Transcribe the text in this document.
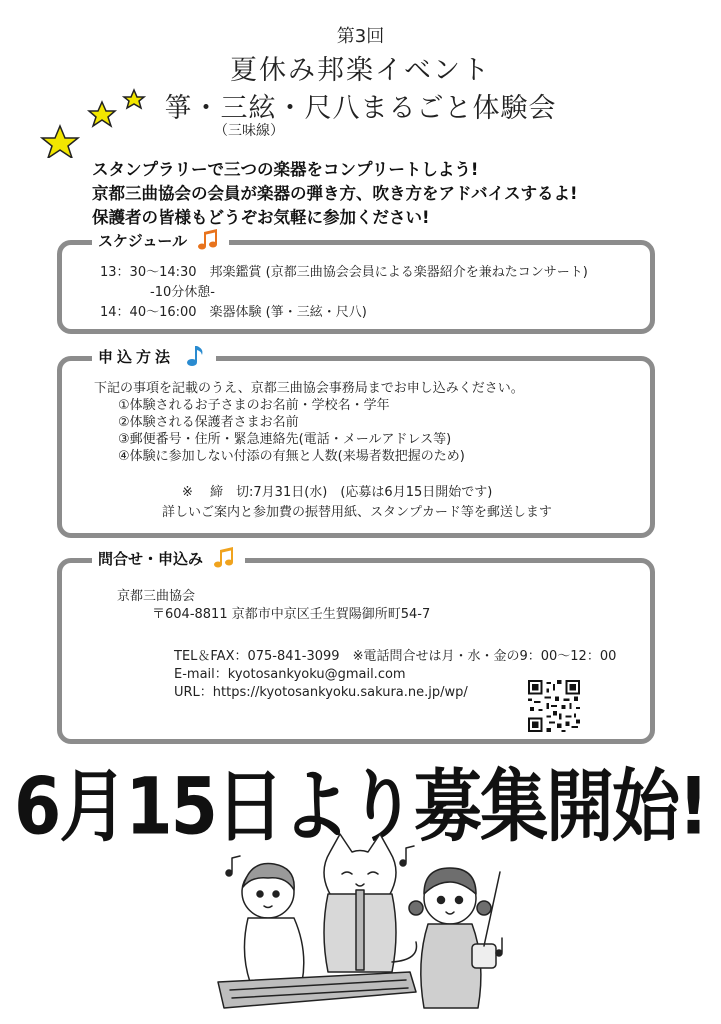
第3回
夏休み邦楽イベント
箏・三絃・尺八まるごと体験会
（三味線）
スタンプラリーで三つの楽器をコンプリートしよう!
京都三曲協会の会員が楽器の弾き方、吹き方をアドバイスするよ!
保護者の皆様もどうぞお気軽に参加ください!
スケジュール
13：30～14:30　邦楽鑑賞 (京都三曲協会会員による楽器紹介を兼ねたコンサート)
-10分休憩-
14：40～16:00　楽器体験 (箏・三絃・尺八)
申込方法
下記の事項を記載のうえ、京都三曲協会事務局までお申し込みください。
①体験されるお子さまのお名前・学校名・学年
②体験される保護者さまお名前
③郵便番号・住所・緊急連絡先(電話・メールアドレス等)
④体験に参加しない付添の有無と人数(来場者数把握のため)
※　 締　切:7月31日(水)　(応募は6月15日開始です)
詳しいご案内と参加費の振替用紙、スタンプカード等を郵送します
問合せ・申込み
京都三曲協会
〒604-8811 京都市中京区壬生賀陽御所町54-7
TEL＆FAX：075-841-3099　※電話問合せは月・水・金の9：00～12：00
E-mail：kyotosankyoku@gmail.com
URL：https://kyotosankyoku.sakura.ne.jp/wp/
6月15日より募集開始!
